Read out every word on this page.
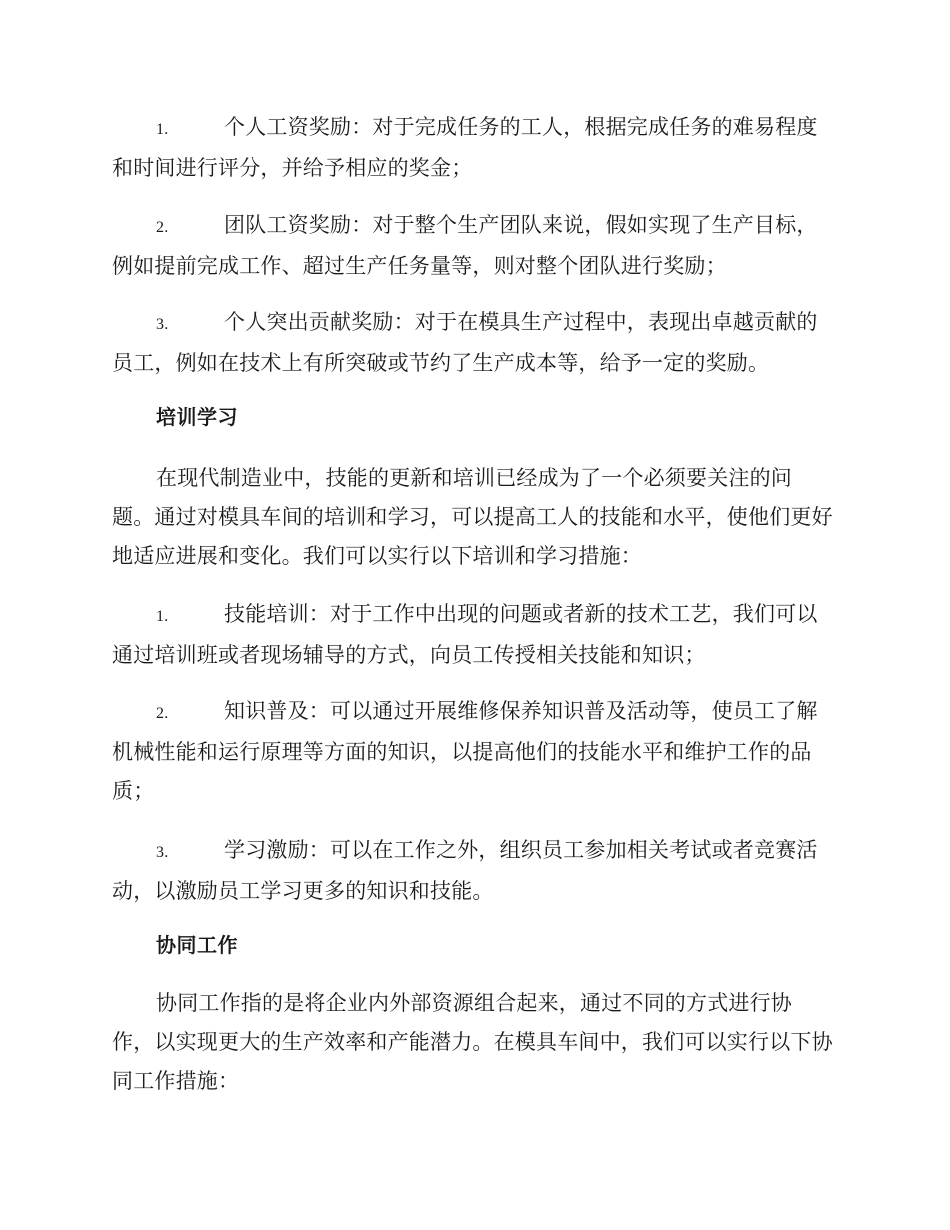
1.	个人工资奖励：对于完成任务的工人，根据完成任务的难易程度和时间进行评分，并给予相应的奖金；
2.	团队工资奖励：对于整个生产团队来说，假如实现了生产目标，例如提前完成工作、超过生产任务量等，则对整个团队进行奖励；
3.	个人突出贡献奖励：对于在模具生产过程中，表现出卓越贡献的员工，例如在技术上有所突破或节约了生产成本等，给予一定的奖励。
培训学习
在现代制造业中，技能的更新和培训已经成为了一个必须要关注的问题。通过对模具车间的培训和学习，可以提高工人的技能和水平，使他们更好地适应进展和变化。我们可以实行以下培训和学习措施：
1.	技能培训：对于工作中出现的问题或者新的技术工艺，我们可以通过培训班或者现场辅导的方式，向员工传授相关技能和知识；
2.	知识普及：可以通过开展维修保养知识普及活动等，使员工了解机械性能和运行原理等方面的知识，以提高他们的技能水平和维护工作的品质；
3.	学习激励：可以在工作之外，组织员工参加相关考试或者竞赛活动，以激励员工学习更多的知识和技能。
协同工作
协同工作指的是将企业内外部资源组合起来，通过不同的方式进行协作，以实现更大的生产效率和产能潜力。在模具车间中，我们可以实行以下协同工作措施：
